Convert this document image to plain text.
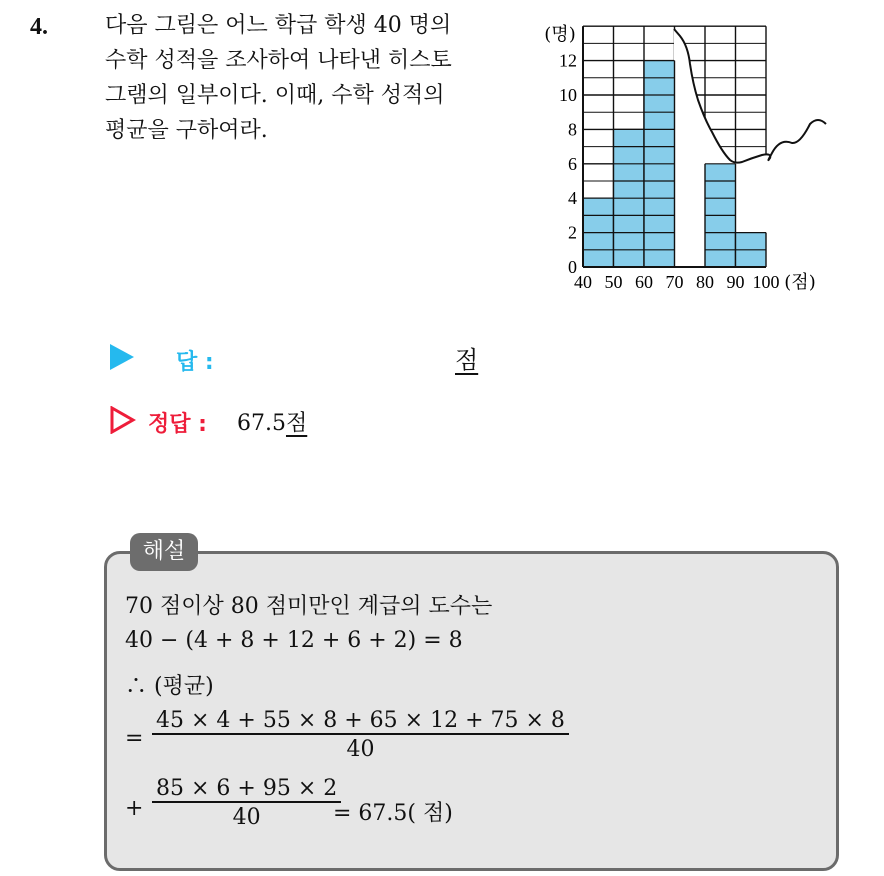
4.	다음 그림은 어느 학급 학생 40 명의
수학 성적을 조사하여 나타낸 히스토
그램의 일부이다. 이때, 수학 성적의
평균을 구하여라.

0
2
4
6
8
10
12
(명)
40 50 60 70 80 90 100 (점)
답 :	점
정답 : 67.5점
해설
70 점이상 80 점미만인 계급의 도수는
40 − (4 + 8 + 12 + 6 + 2) = 8
∴ (평균)
=
45 × 4 + 55 × 8 + 65 × 12 + 75 × 8
40
+
85 × 6 + 95 × 2
40	= 67.5( 점)
